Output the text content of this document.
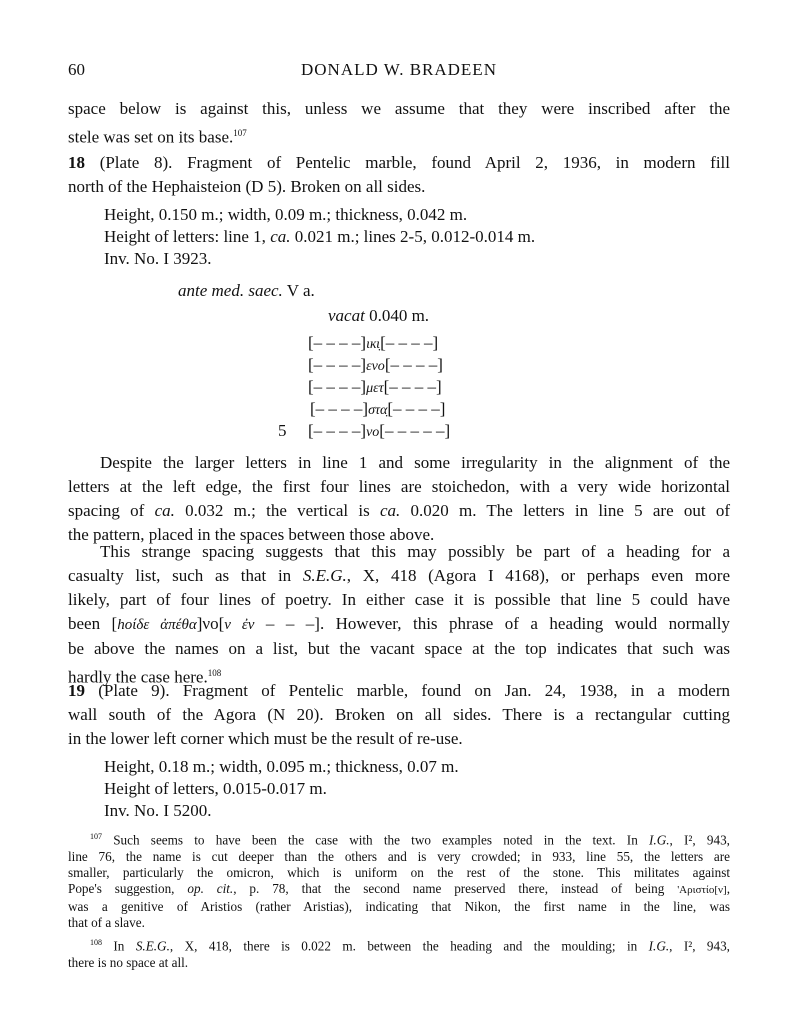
60	DONALD W. BRADEEN

space below is against this, unless we assume that they were inscribed after the
stele was set on its base.$^{107}$

18 (Plate 8). Fragment of Pentelic marble, found April 2, 1936, in modern fill
north of the Hephaisteion (D 5). Broken on all sides.

Height, 0.150 m.; width, 0.09 m.; thickness, 0.042 m.
Height of letters: line 1, ca. 0.021 m.; lines 2-5, 0.012-0.014 m.
Inv. No. I 3923.
ante med. saec. V a.
vacat 0.040 m.
[– – – –]ιĸι̣[– – – –]
[– – – –]ενο[– – – –]
[– – – –]μετ[– – – –]
[– – – –]στα̣[– – – –]
5 [– – – –]νο[– – – – –]

Despite the larger letters in line 1 and some irregularity in the alignment of the
letters at the left edge, the first four lines are stoichedon, with a very wide horizontal
spacing of ca. 0.032 m.; the vertical is ca. 0.020 m. The letters in line 5 are out of
the pattern, placed in the spaces between those above.

This strange spacing suggests that this may possibly be part of a heading for a
casualty list, such as that in S.E.G., X, 418 (Agora I 4168), or perhaps even more
likely, part of four lines of poetry. In either case it is possible that line 5 could have
been [hοίδε ἀπέθα]νο[ν ἐν – – –]. However, this phrase of a heading would normally
be above the names on a list, but the vacant space at the top indicates that such was
hardly the case here.$^{108}$

19 (Plate 9). Fragment of Pentelic marble, found on Jan. 24, 1938, in a modern
wall south of the Agora (N 20). Broken on all sides. There is a rectangular cutting
in the lower left corner which must be the result of re-use.

Height, 0.18 m.; width, 0.095 m.; thickness, 0.07 m.
Height of letters, 0.015-0.017 m.
Inv. No. I 5200.
$^{107}$ Such seems to have been the case with the two examples noted in the text. In I.G., I², 943,
line 76, the name is cut deeper than the others and is very crowded; in 933, line 55, the letters are
smaller, particularly the omicron, which is uniform on the rest of the stone. This militates against
Pope's suggestion, op. cit., p. 78, that the second name preserved there, instead of being 'Αριστίο[ν],
was a genitive of Aristios (rather Aristias), indicating that Nikon, the first name in the line, was
that of a slave.
$^{108}$ In S.E.G., X, 418, there is 0.022 m. between the heading and the moulding; in I.G., I², 943,
there is no space at all.
